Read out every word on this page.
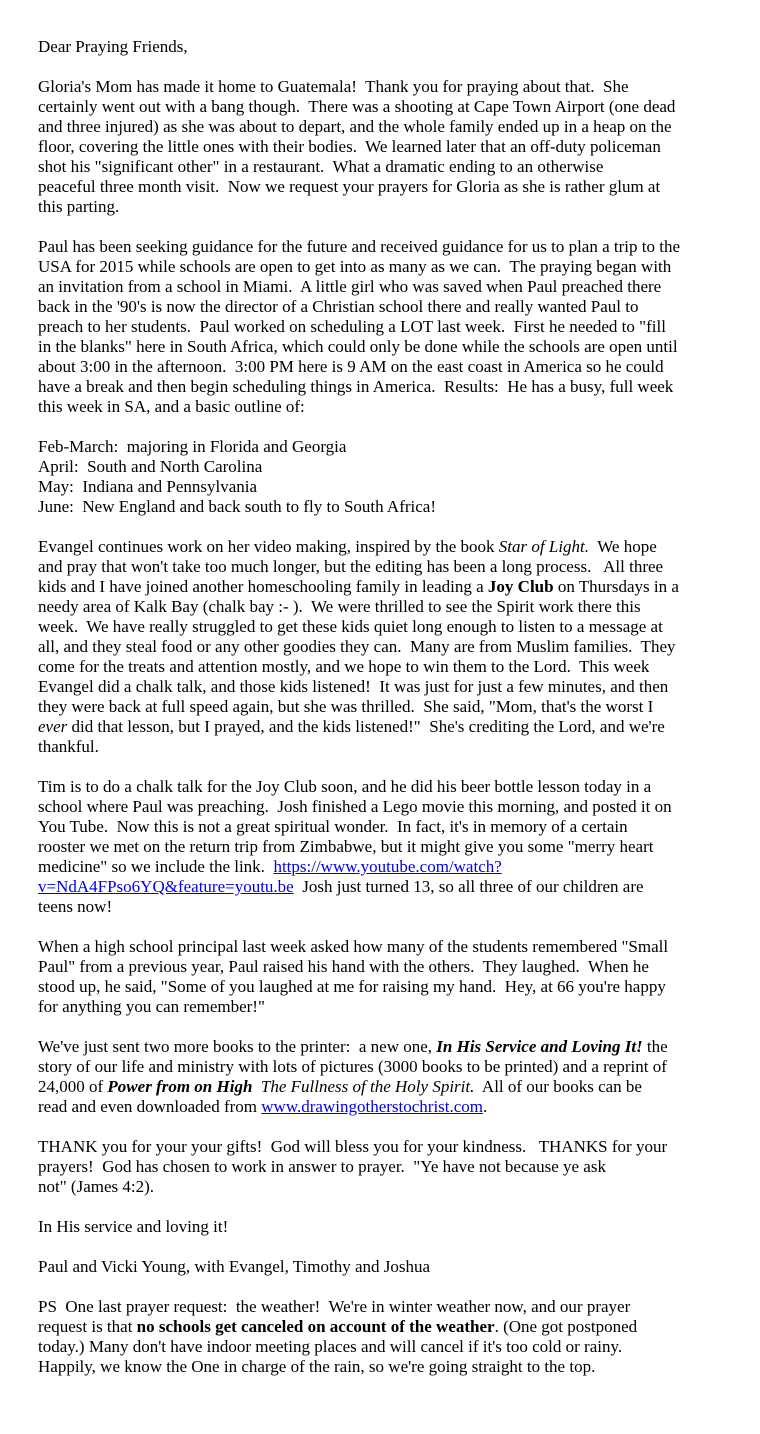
Dear Praying Friends,
Gloria's Mom has made it home to Guatemala!  Thank you for praying about that.  She
certainly went out with a bang though.  There was a shooting at Cape Town Airport (one dead
and three injured) as she was about to depart, and the whole family ended up in a heap on the
floor, covering the little ones with their bodies.  We learned later that an off-duty policeman
shot his "significant other" in a restaurant.  What a dramatic ending to an otherwise
peaceful three month visit.  Now we request your prayers for Gloria as she is rather glum at
this parting.
Paul has been seeking guidance for the future and received guidance for us to plan a trip to the
USA for 2015 while schools are open to get into as many as we can.  The praying began with
an invitation from a school in Miami.  A little girl who was saved when Paul preached there
back in the '90's is now the director of a Christian school there and really wanted Paul to
preach to her students.  Paul worked on scheduling a LOT last week.  First he needed to "fill
in the blanks" here in South Africa, which could only be done while the schools are open until
about 3:00 in the afternoon.  3:00 PM here is 9 AM on the east coast in America so he could
have a break and then begin scheduling things in America.  Results:  He has a busy, full week
this week in SA, and a basic outline of:
Feb-March:  majoring in Florida and Georgia
April:  South and North Carolina
May:  Indiana and Pennsylvania
June:  New England and back south to fly to South Africa!
Evangel continues work on her video making, inspired by the book Star of Light.  We hope
and pray that won't take too much longer, but the editing has been a long process.   All three
kids and I have joined another homeschooling family in leading a Joy Club on Thursdays in a
needy area of Kalk Bay (chalk bay :- ).  We were thrilled to see the Spirit work there this
week.  We have really struggled to get these kids quiet long enough to listen to a message at
all, and they steal food or any other goodies they can.  Many are from Muslim families.  They
come for the treats and attention mostly, and we hope to win them to the Lord.  This week
Evangel did a chalk talk, and those kids listened!  It was just for just a few minutes, and then
they were back at full speed again, but she was thrilled.  She said, "Mom, that's the worst I
ever did that lesson, but I prayed, and the kids listened!"  She's crediting the Lord, and we're
thankful.
Tim is to do a chalk talk for the Joy Club soon, and he did his beer bottle lesson today in a
school where Paul was preaching.  Josh finished a Lego movie this morning, and posted it on
You Tube.  Now this is not a great spiritual wonder.  In fact, it's in memory of a certain
rooster we met on the return trip from Zimbabwe, but it might give you some "merry heart
medicine" so we include the link.  https://www.youtube.com/watch?
v=NdA4FPso6YQ&feature=youtu.be  Josh just turned 13, so all three of our children are
teens now!
When a high school principal last week asked how many of the students remembered "Small
Paul" from a previous year, Paul raised his hand with the others.  They laughed.  When he
stood up, he said, "Some of you laughed at me for raising my hand.  Hey, at 66 you're happy
for anything you can remember!"
We've just sent two more books to the printer:  a new one, In His Service and Loving It! the
story of our life and ministry with lots of pictures (3000 books to be printed) and a reprint of
24,000 of Power from on High The Fullness of the Holy Spirit.  All of our books can be
read and even downloaded from www.drawingotherstochrist.com.
THANK you for your your gifts!  God will bless you for your kindness.   THANKS for your
prayers!  God has chosen to work in answer to prayer.  "Ye have not because ye ask
not" (James 4:2).
In His service and loving it!
Paul and Vicki Young, with Evangel, Timothy and Joshua
PS  One last prayer request:  the weather!  We're in winter weather now, and our prayer
request is that no schools get canceled on account of the weather. (One got postponed
today.) Many don't have indoor meeting places and will cancel if it's too cold or rainy.
Happily, we know the One in charge of the rain, so we're going straight to the top.
